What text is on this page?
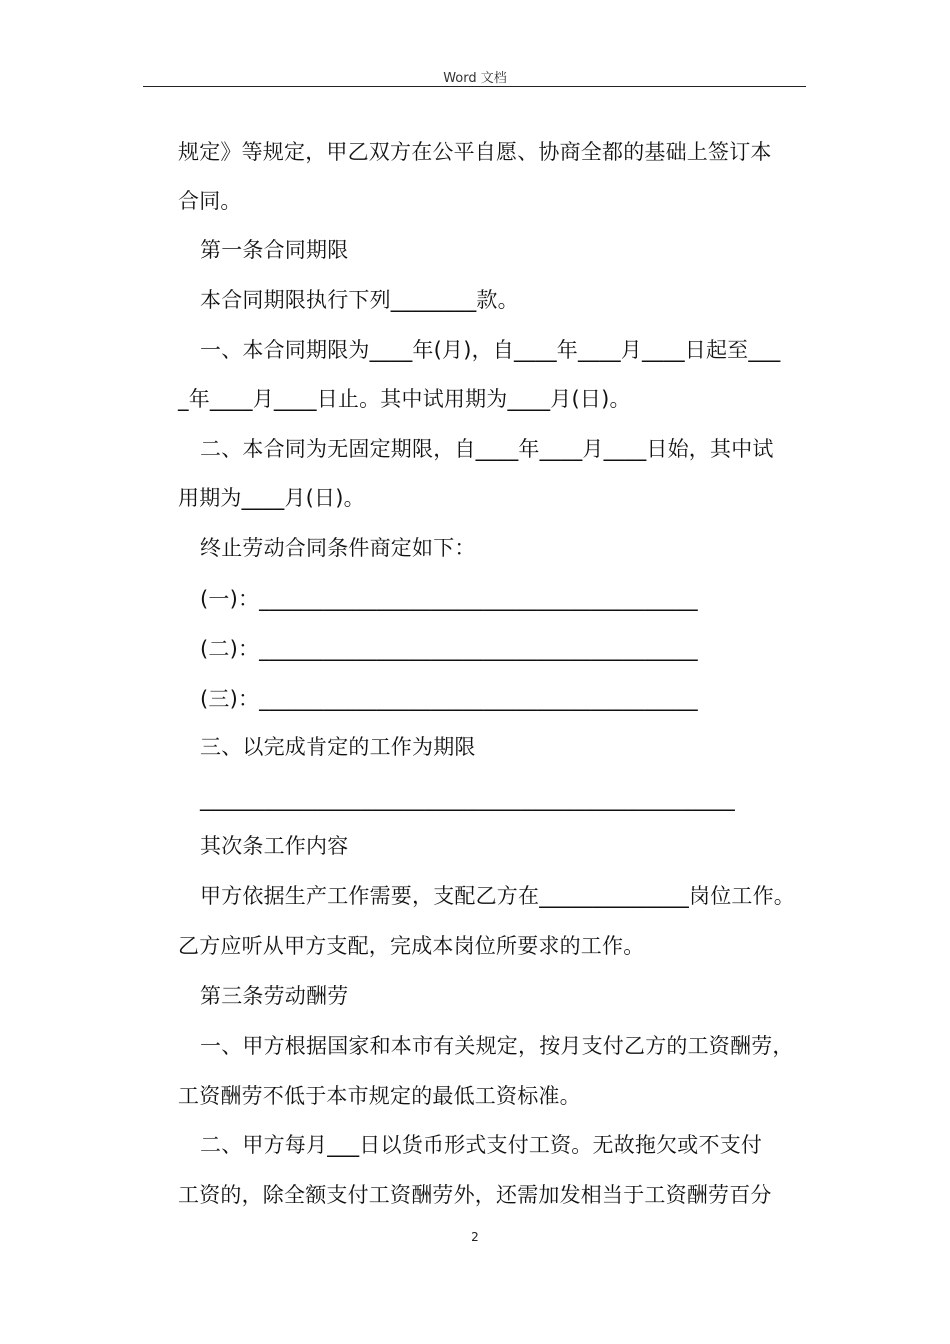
Word 文档
规定》等规定，甲乙双方在公平自愿、协商全都的基础上签订本
合同。
第一条合同期限
本合同期限执行下列________款。
一、本合同期限为____年(月)，自____年____月____日起至___
_年____月____日止。其中试用期为____月(日)。
二、本合同为无固定期限，自____年____月____日始，其中试
用期为____月(日)。
终止劳动合同条件商定如下：
(一)：_________________________________________
(二)：_________________________________________
(三)：_________________________________________
三、以完成肯定的工作为期限
__________________________________________________
其次条工作内容
甲方依据生产工作需要，支配乙方在______________岗位工作。
乙方应听从甲方支配，完成本岗位所要求的工作。
第三条劳动酬劳
一、甲方根据国家和本市有关规定，按月支付乙方的工资酬劳，
工资酬劳不低于本市规定的最低工资标准。
二、甲方每月___日以货币形式支付工资。无故拖欠或不支付
工资的，除全额支付工资酬劳外，还需加发相当于工资酬劳百分
2
